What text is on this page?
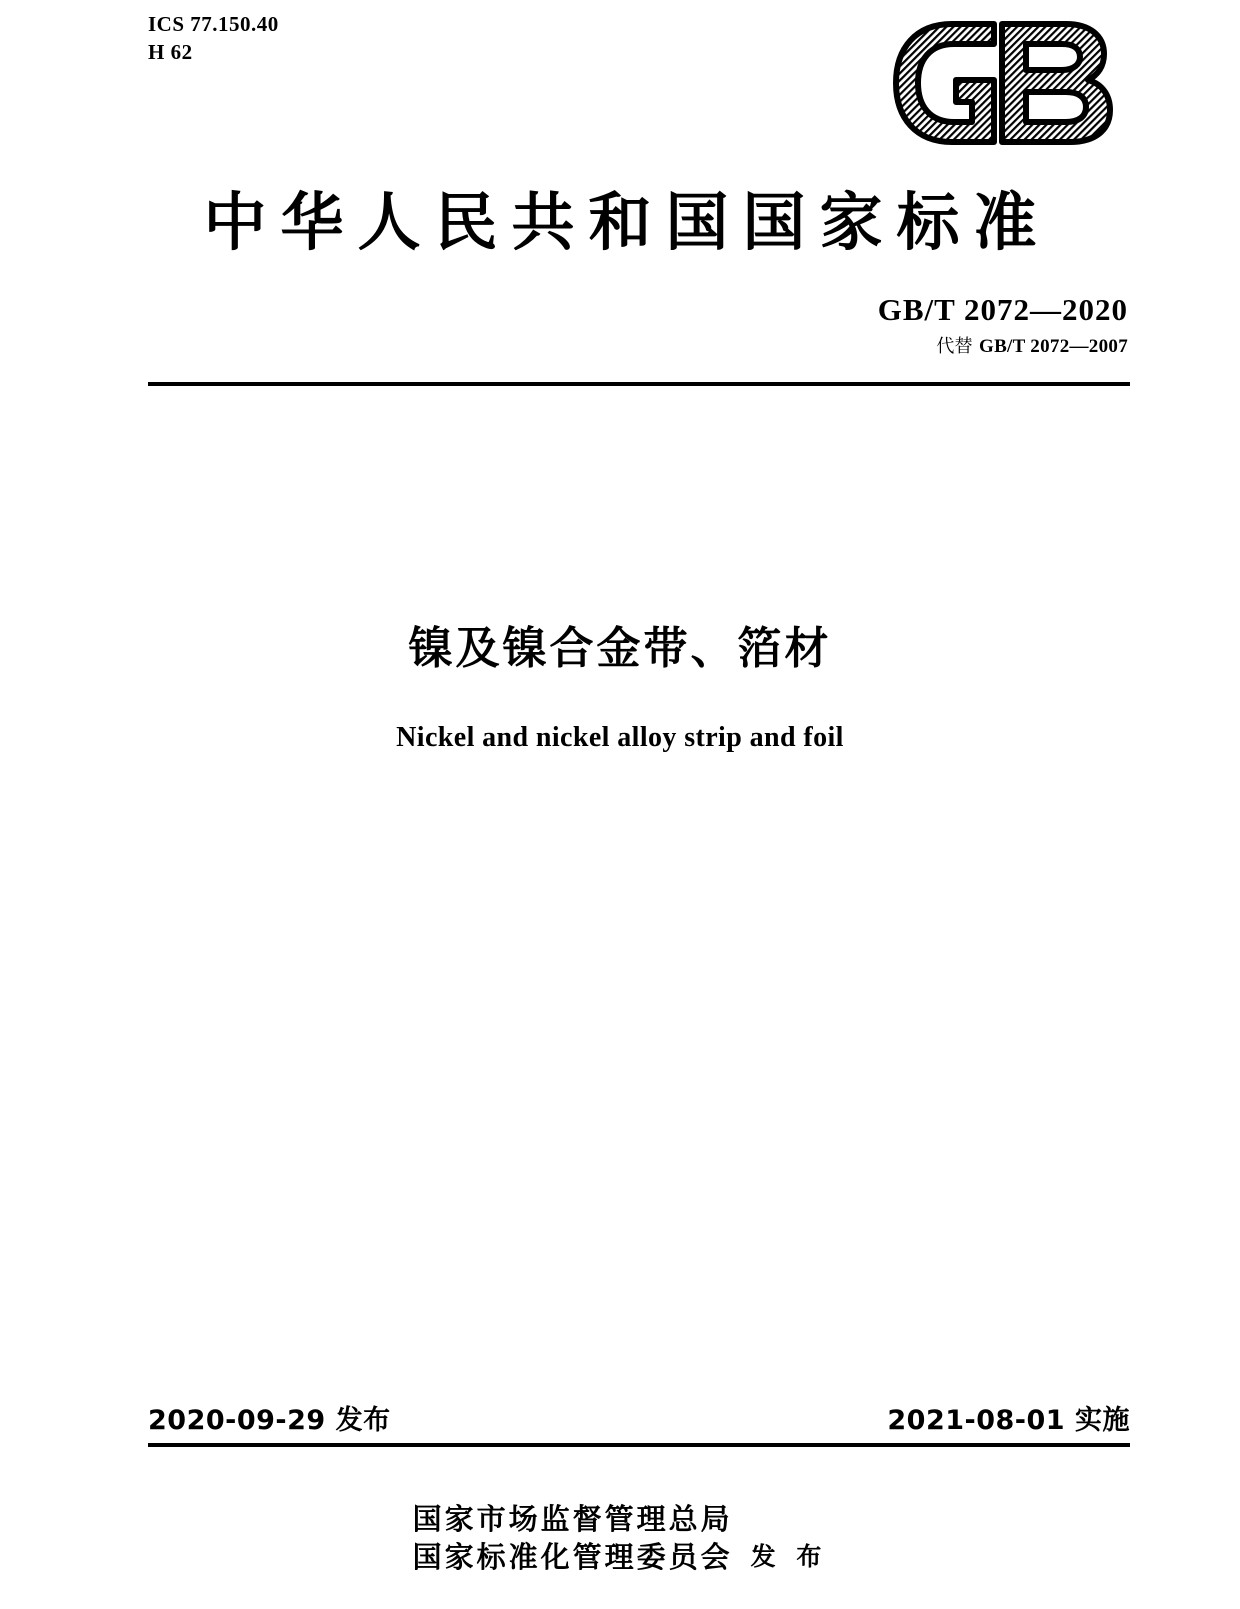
ICS 77.150.40
H 62
中华人民共和国国家标准
GB/T 2072—2020
代替 GB/T 2072—2007
镍及镍合金带、箔材
Nickel and nickel alloy strip and foil
2020-09-29 发布	2021-08-01 实施
国家市场监督管理总局
国家标准化管理委员会 发 布
